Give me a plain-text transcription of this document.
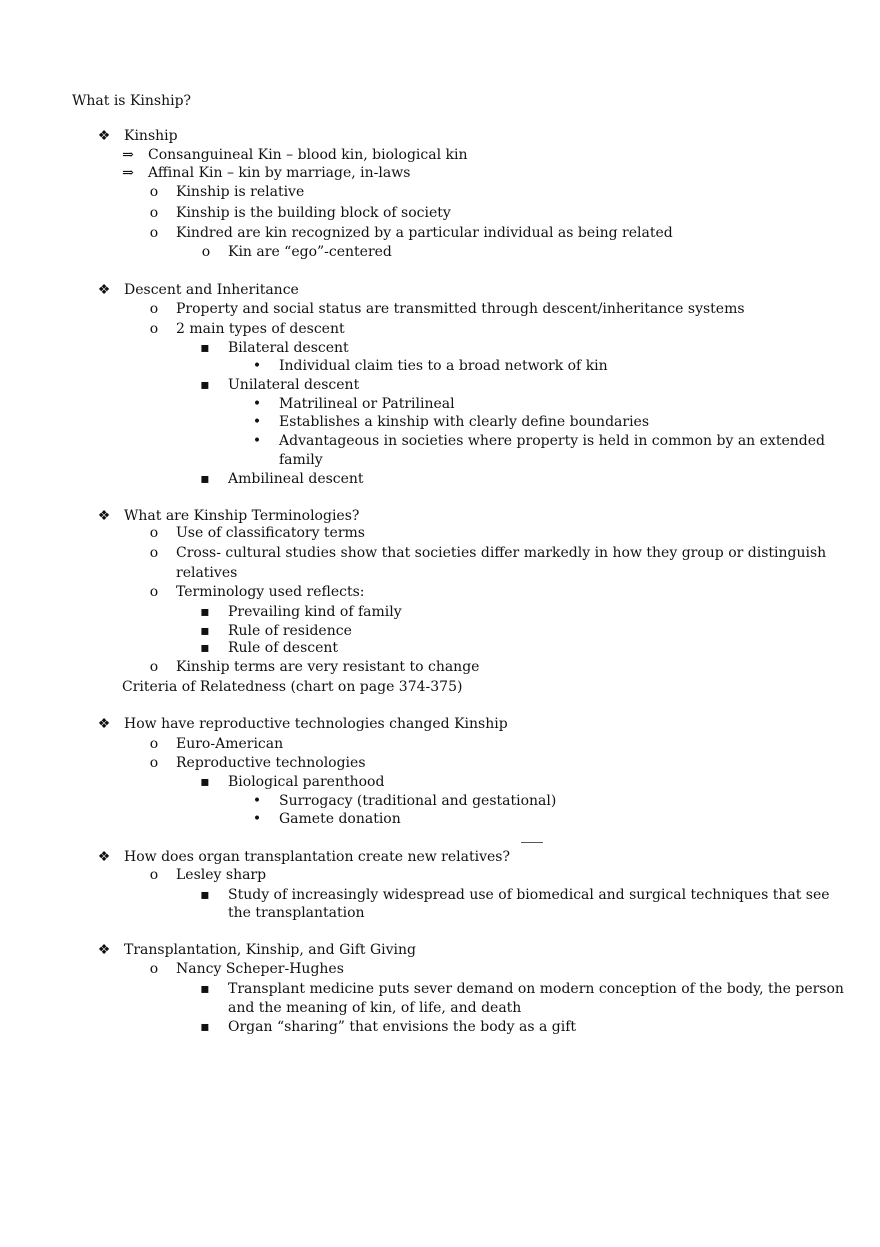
What is Kinship?
❖ Kinship
⇒ Consanguineal Kin – blood kin, biological kin
⇒ Affinal Kin – kin by marriage, in-laws
o Kinship is relative
o Kinship is the building block of society
o Kindred are kin recognized by a particular individual as being related
o Kin are “ego”-centered
❖ Descent and Inheritance
o Property and social status are transmitted through descent/inheritance systems
o 2 main types of descent
▪ Bilateral descent
• Individual claim ties to a broad network of kin
▪ Unilateral descent
• Matrilineal or Patrilineal
• Establishes a kinship with clearly define boundaries
• Advantageous in societies where property is held in common by an extended
family
▪ Ambilineal descent
❖ What are Kinship Terminologies?
o Use of classificatory terms
o Cross- cultural studies show that societies differ markedly in how they group or distinguish
relatives
o Terminology used reflects:
▪ Prevailing kind of family
▪ Rule of residence
▪ Rule of descent
o Kinship terms are very resistant to change
Criteria of Relatedness (chart on page 374-375)
❖ How have reproductive technologies changed Kinship
o Euro-American
o Reproductive technologies
▪ Biological parenthood
• Surrogacy (traditional and gestational)
• Gamete donation
❖ How does organ transplantation create new relatives?
o Lesley sharp
▪ Study of increasingly widespread use of biomedical and surgical techniques that see
the transplantation
❖ Transplantation, Kinship, and Gift Giving
o Nancy Scheper-Hughes
▪ Transplant medicine puts sever demand on modern conception of the body, the person
and the meaning of kin, of life, and death
▪ Organ “sharing” that envisions the body as a gift
